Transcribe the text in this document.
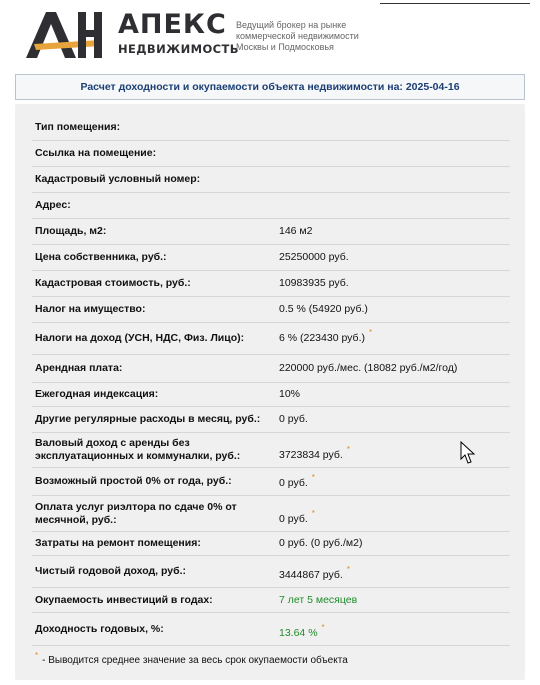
АПЕКС
НЕДВИЖИМОСТЬ
Ведущий брокер на рынке
коммерческой недвижимости
Москвы и Подмосковья
Расчет доходности и окупаемости объекта недвижимости на: 2025-04-16
Тип помещения:
Ссылка на помещение:
Кадастровый условный номер:
Адрес:
Площадь, м2:	146 м2
Цена собственника, руб.:	25250000 руб.
Кадастровая стоимость, руб.:	10983935 руб.
Налог на имущество:	0.5 % (54920 руб.)
Налоги на доход (УСН, НДС, Физ. Лицо):	6 % (223430 руб.) *
Арендная плата:	220000 руб./мес. (18082 руб./м2/год)
Ежегодная индексация:	10%
Другие регулярные расходы в месяц, руб.:	0 руб.
Валовый доход с аренды без эксплуатационных и коммуналки, руб.:	3723834 руб. *
Возможный простой 0% от года, руб.:	0 руб. *
Оплата услуг риэлтора по сдаче 0% от месячной, руб.:	0 руб. *
Затраты на ремонт помещения:	0 руб. (0 руб./м2)
Чистый годовой доход, руб.:	3444867 руб. *
Окупаемость инвестиций в годах:	7 лет 5 месяцев
Доходность годовых, %:	13.64 % *
* - Выводится среднее значение за весь срок окупаемости объекта
